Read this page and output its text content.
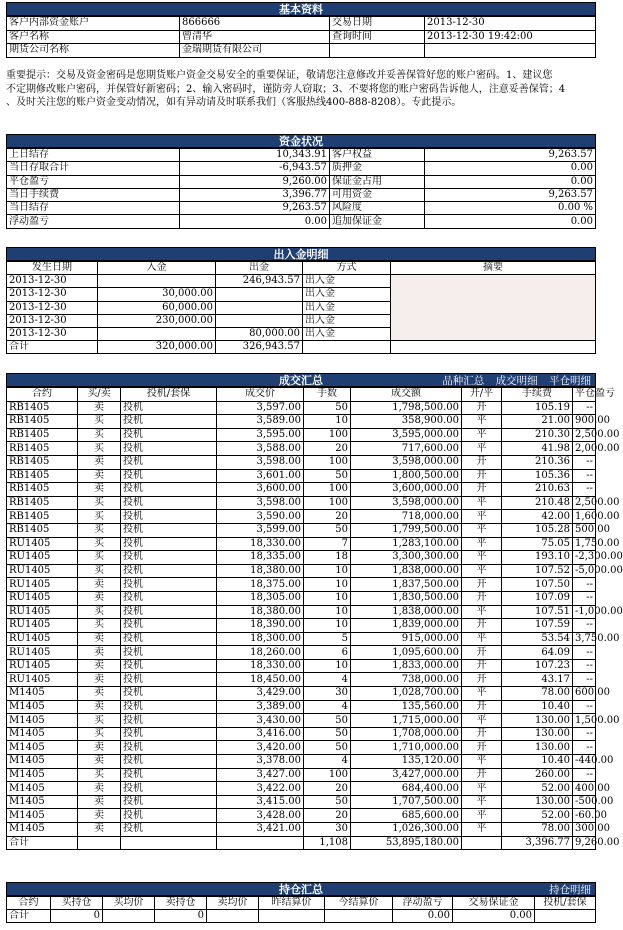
基本资料
客户内部资金账户	866666	交易日期	2013-12-30
客户名称	曾清华	查询时间	2013-12-30 19:42:00
期货公司名称	金瑞期货有限公司		

重要提示：交易及资金密码是您期货账户资金交易安全的重要保证，敬请您注意修改并妥善保管好您的账户密码。1、建议您

不定期修改账户密码，并保管好新密码；2、输入密码时，谨防旁人窃取；3、不要将您的账户密码告诉他人，注意妥善保管；4

、及时关注您的账户资金变动情况，如有异动请及时联系我们（客服热线400-888-8208）。专此提示。

资金状况
上日结存	10,343.91	客户权益	9,263.57
当日存取合计	-6,943.57	质押金	0.00
平仓盈亏	9,260.00	保证金占用	0.00
当日手续费	3,396.77	可用资金	9,263.57
当日结存	9,263.57	风险度	0.00 %
浮动盈亏	0.00	追加保证金	0.00
出入金明细
发生日期	入金	出金	方式	摘要
2013-12-30		246,943.57	出入金	
2013-12-30	30,000.00		出入金	
2013-12-30	60,000.00		出入金	
2013-12-30	230,000.00		出入金	
2013-12-30		80,000.00	出入金	
合计	320,000.00	326,943.57		
成交汇总	品种汇总 成交明细 平仓明细
合约	买/卖	投机/套保	成交价	手数	成交额	开/平	手续费	平仓盈亏
RB1405	卖	投机	3,597.00	50	1,798,500.00	开	105.19	--
RB1405	买	投机	3,589.00	10	358,900.00	平	21.00	900.00
RB1405	买	投机	3,595.00	100	3,595,000.00	平	210.30	2,500.00
RB1405	买	投机	3,588.00	20	717,600.00	平	41.98	2,000.00
RB1405	卖	投机	3,598.00	100	3,598,000.00	开	210.36	--
RB1405	卖	投机	3,601.00	50	1,800,500.00	开	105.36	--
RB1405	卖	投机	3,600.00	100	3,600,000.00	开	210.63	--
RB1405	买	投机	3,598.00	100	3,598,000.00	平	210.48	2,500.00
RB1405	买	投机	3,590.00	20	718,000.00	平	42.00	1,600.00
RB1405	买	投机	3,599.00	50	1,799,500.00	平	105.28	500.00
RU1405	买	投机	18,330.00	7	1,283,100.00	平	75.05	1,750.00
RU1405	买	投机	18,335.00	18	3,300,300.00	平	193.10	-2,300.00
RU1405	买	投机	18,380.00	10	1,838,000.00	平	107.52	-5,000.00
RU1405	卖	投机	18,375.00	10	1,837,500.00	开	107.50	--
RU1405	卖	投机	18,305.00	10	1,830,500.00	开	107.09	--
RU1405	买	投机	18,380.00	10	1,838,000.00	平	107.51	-1,000.00
RU1405	买	投机	18,390.00	10	1,839,000.00	开	107.59	--
RU1405	卖	投机	18,300.00	5	915,000.00	平	53.54	3,750.00
RU1405	卖	投机	18,260.00	6	1,095,600.00	开	64.09	--
RU1405	卖	投机	18,330.00	10	1,833,000.00	开	107.23	--
RU1405	卖	投机	18,450.00	4	738,000.00	开	43.17	--
M1405	卖	投机	3,429.00	30	1,028,700.00	平	78.00	600.00
M1405	卖	投机	3,389.00	4	135,560.00	开	10.40	--
M1405	买	投机	3,430.00	50	1,715,000.00	平	130.00	1,500.00
M1405	买	投机	3,416.00	50	1,708,000.00	开	130.00	--
M1405	卖	投机	3,420.00	50	1,710,000.00	开	130.00	--
M1405	卖	投机	3,378.00	4	135,120.00	平	10.40	-440.00
M1405	买	投机	3,427.00	100	3,427,000.00	开	260.00	--
M1405	卖	投机	3,422.00	20	684,400.00	平	52.00	400.00
M1405	卖	投机	3,415.00	50	1,707,500.00	平	130.00	-500.00
M1405	卖	投机	3,428.00	20	685,600.00	平	52.00	-60.00
M1405	卖	投机	3,421.00	30	1,026,300.00	平	78.00	300.00
合计				1,108	53,895,180.00		3,396.77	9,260.00
持仓汇总	持仓明细
合约	买持仓	买均价	卖持仓	卖均价	昨结算价	今结算价	浮动盈亏	交易保证金	投机/套保
合计	0		0				0.00	0.00	
